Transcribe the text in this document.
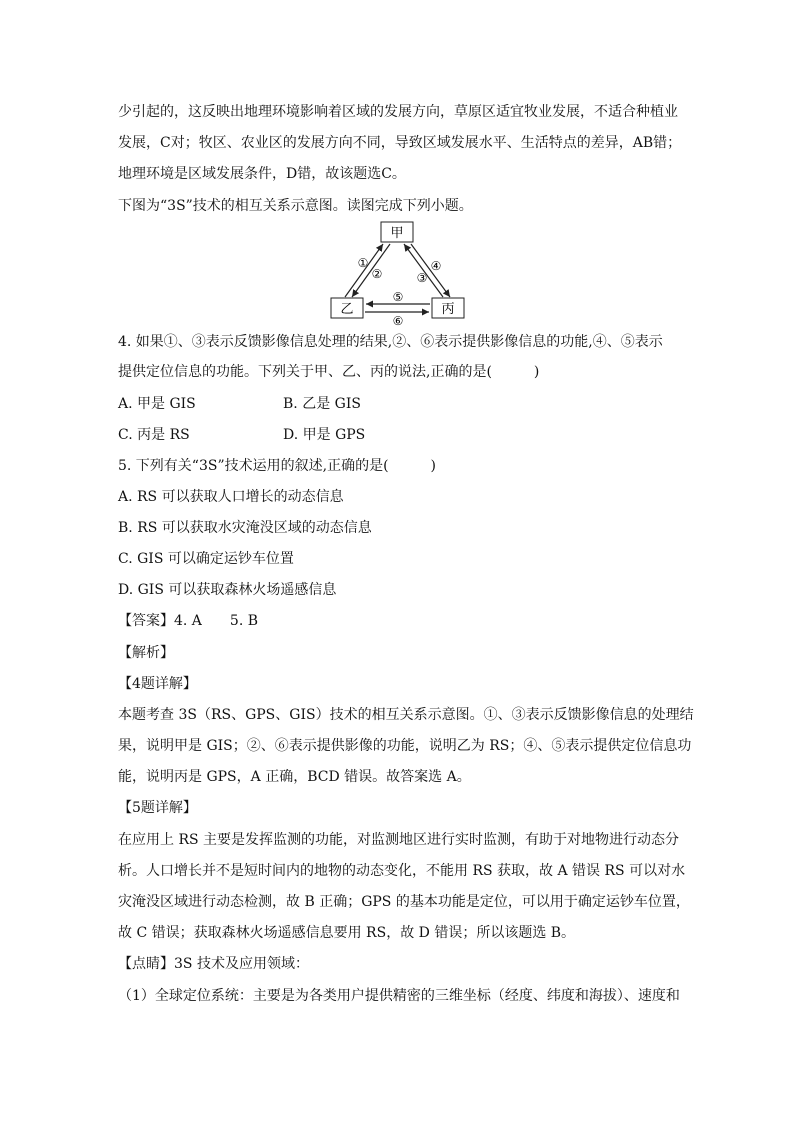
少引起的，这反映出地理环境影响着区域的发展方向，草原区适宜牧业发展，不适合种植业
发展，C对；牧区、农业区的发展方向不同，导致区域发展水平、生活特点的差异，AB错；
地理环境是区域发展条件，D错，故该题选C。
下图为“3S”技术的相互关系示意图。读图完成下列小题。
甲
乙	丙
①
②	③
④
⑤
⑥
4. 如果①、③表示反馈影像信息处理的结果,②、⑥表示提供影像信息的功能,④、⑤表示
提供定位信息的功能。下列关于甲、乙、丙的说法,正确的是(　　　)
A. 甲是 GIS	B. 乙是 GIS
C. 丙是 RS	D. 甲是 GPS
5. 下列有关“3S”技术运用的叙述,正确的是(　　　)
A. RS 可以获取人口增长的动态信息
B. RS 可以获取水灾淹没区域的动态信息
C. GIS 可以确定运钞车位置
D. GIS 可以获取森林火场遥感信息
【答案】4. A　　5. B
【解析】
【4题详解】
本题考查 3S（RS、GPS、GIS）技术的相互关系示意图。①、③表示反馈影像信息的处理结
果，说明甲是 GIS；②、⑥表示提供影像的功能，说明乙为 RS；④、⑤表示提供定位信息功
能，说明丙是 GPS，A 正确，BCD 错误。故答案选 A。
【5题详解】
在应用上 RS 主要是发挥监测的功能，对监测地区进行实时监测，有助于对地物进行动态分
析。人口增长并不是短时间内的地物的动态变化，不能用 RS 获取，故 A 错误 RS 可以对水
灾淹没区域进行动态检测，故 B 正确；GPS 的基本功能是定位，可以用于确定运钞车位置，
故 C 错误；获取森林火场遥感信息要用 RS，故 D 错误；所以该题选 B。
【点睛】3S 技术及应用领域：
（1）全球定位系统：主要是为各类用户提供精密的三维坐标（经度、纬度和海拔）、速度和
